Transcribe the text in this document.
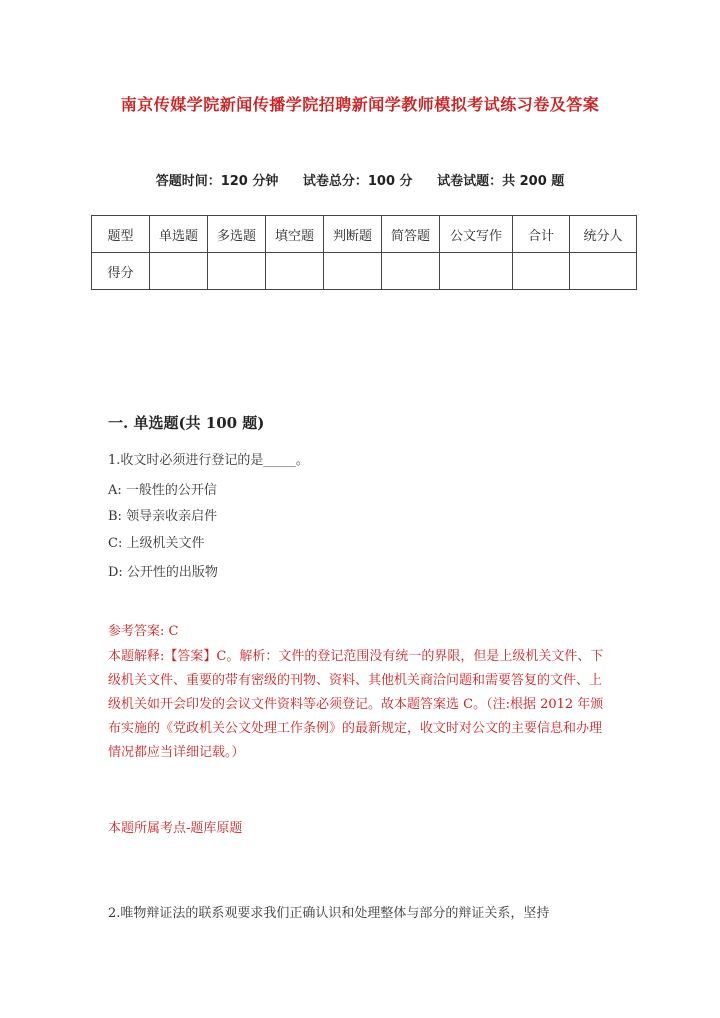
南京传媒学院新闻传播学院招聘新闻学教师模拟考试练习卷及答案
答题时间：120 分钟 试卷总分：100 分 试卷试题：共 200 题
题型	单选题	多选题	填空题	判断题	简答题	公文写作	合计	统分人
得分								
一. 单选题(共 100 题)
1.收文时必须进行登记的是_____。
A: 一般性的公开信
B: 领导亲收亲启件
C: 上级机关文件
D: 公开性的出版物
参考答案: C
本题解释:【答案】C。解析：文件的登记范围没有统一的界限，但是上级机关文件、下级机关文件、重要的带有密级的刊物、资料、其他机关商洽问题和需要答复的文件、上级机关如开会印发的会议文件资料等必须登记。故本题答案选 C。（注:根据 2012 年颁布实施的《党政机关公文处理工作条例》的最新规定，收文时对公文的主要信息和办理情况都应当详细记载。）
本题所属考点-题库原题
2.唯物辩证法的联系观要求我们正确认识和处理整体与部分的辩证关系，坚持
